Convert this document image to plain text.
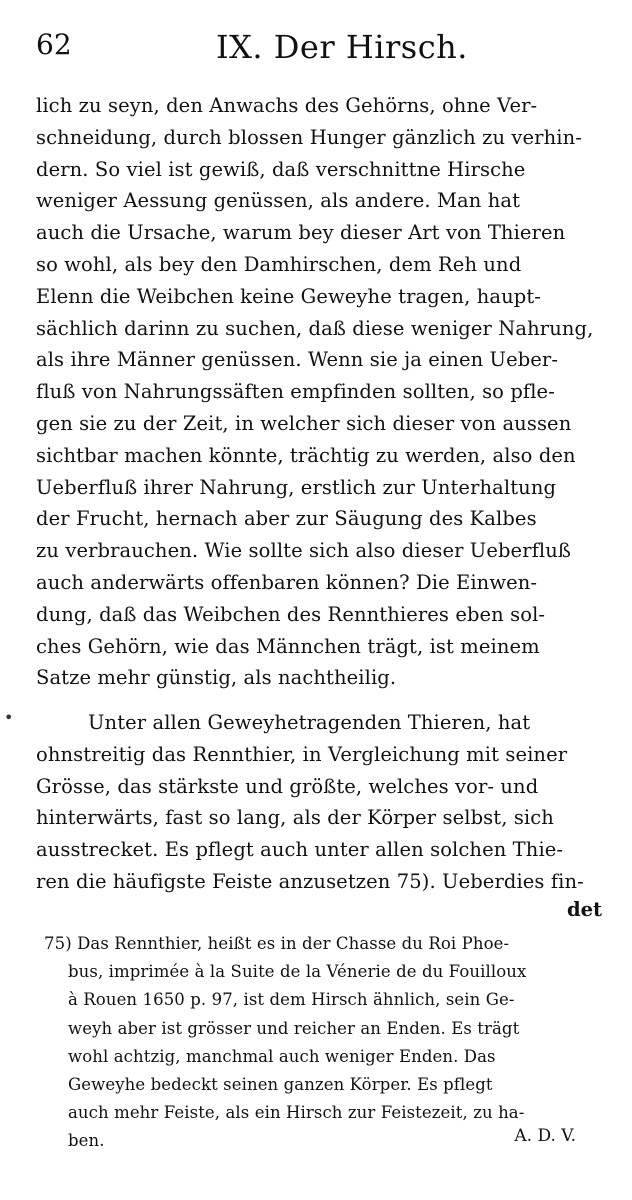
62	IX. Der Hirsch.
lich zu seyn, den Anwachs des Gehörns, ohne Ver-
schneidung, durch blossen Hunger gänzlich zu verhin-
dern. So viel ist gewiß, daß verschnittne Hirsche
weniger Aessung genüssen, als andere. Man hat
auch die Ursache, warum bey dieser Art von Thieren
so wohl, als bey den Damhirschen, dem Reh und
Elenn die Weibchen keine Geweyhe tragen, haupt-
sächlich darinn zu suchen, daß diese weniger Nahrung,
als ihre Männer genüssen. Wenn sie ja einen Ueber-
fluß von Nahrungssäften empfinden sollten, so pfle-
gen sie zu der Zeit, in welcher sich dieser von aussen
sichtbar machen könnte, trächtig zu werden, also den
Ueberfluß ihrer Nahrung, erstlich zur Unterhaltung
der Frucht, hernach aber zur Säugung des Kalbes
zu verbrauchen. Wie sollte sich also dieser Ueberfluß
auch anderwärts offenbaren können? Die Einwen-
dung, daß das Weibchen des Rennthieres eben sol-
ches Gehörn, wie das Männchen trägt, ist meinem
Satze mehr günstig, als nachtheilig.
•	Unter allen Geweyhetragenden Thieren, hat
ohnstreitig das Rennthier, in Vergleichung mit seiner
Grösse, das stärkste und größte, welches vor- und
hinterwärts, fast so lang, als der Körper selbst, sich
ausstrecket. Es pflegt auch unter allen solchen Thie-
ren die häufigste Feiste anzusetzen 75). Ueberdies fin-
det
75) Das Rennthier, heißt es in der Chasse du Roi Phoe-
bus, imprimée à la Suite de la Vénerie de du Fouilloux
à Rouen 1650 p. 97, ist dem Hirsch ähnlich, sein Ge-
weyh aber ist grösser und reicher an Enden. Es trägt
wohl achtzig, manchmal auch weniger Enden. Das
Geweyhe bedeckt seinen ganzen Körper. Es pflegt
auch mehr Feiste, als ein Hirsch zur Feistezeit, zu ha-
ben.	A. D. V.
